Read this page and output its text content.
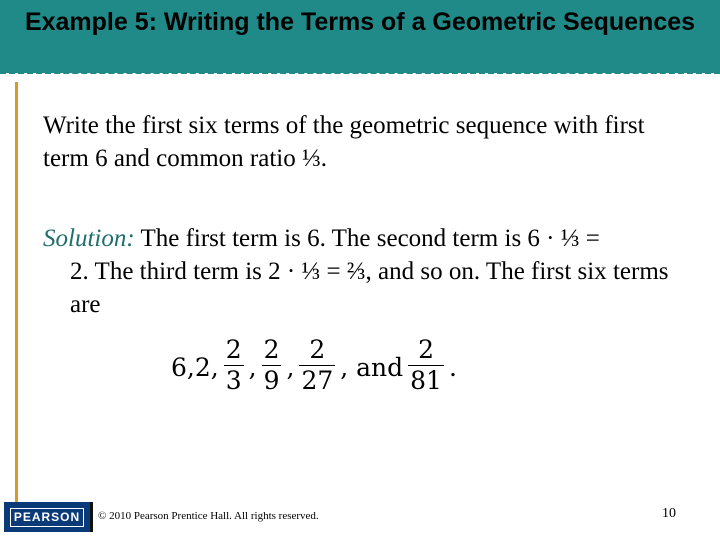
Example 5: Writing the Terms of a Geometric Sequences
Write the first six terms of the geometric sequence with first term 6 and common ratio ⅓.
Solution: The first term is 6. The second term is 6 · ⅓ =
2. The third term is 2 · ⅓ = ⅔, and so on. The first six terms are
6,2, $\frac{2}{3}$ , $\frac{2}{9}$ , $\frac{2}{27}$ , and $\frac{2}{81}$ .
PEARSON	© 2010 Pearson Prentice Hall. All rights reserved.	10
